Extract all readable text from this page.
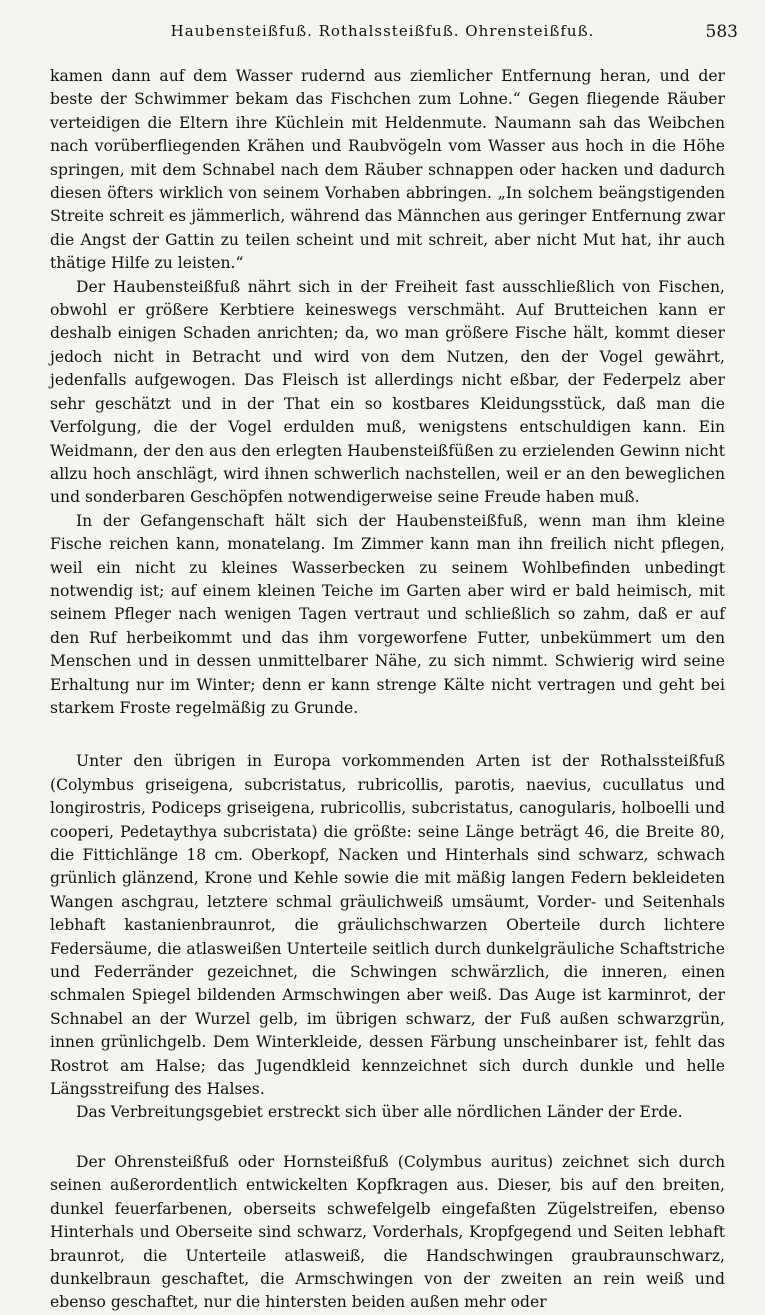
Haubensteißfuß. Rothalssteißfuß. Ohrensteißfuß.	583

kamen dann auf dem Wasser rudernd aus ziemlicher Entfernung heran, und der beste der Schwimmer bekam das Fischchen zum Lohne.“ Gegen fliegende Räuber verteidigen die Eltern ihre Küchlein mit Heldenmute. Naumann sah das Weibchen nach vorüberfliegenden Krähen und Raubvögeln vom Wasser aus hoch in die Höhe springen, mit dem Schnabel nach dem Räuber schnappen oder hacken und dadurch diesen öfters wirklich von seinem Vorhaben abbringen. „In solchem beängstigenden Streite schreit es jämmerlich, während das Männchen aus geringer Entfernung zwar die Angst der Gattin zu teilen scheint und mit schreit, aber nicht Mut hat, ihr auch thätige Hilfe zu leisten.“

Der Haubensteißfuß nährt sich in der Freiheit fast ausschließlich von Fischen, obwohl er größere Kerbtiere keineswegs verschmäht. Auf Brutteichen kann er deshalb einigen Schaden anrichten; da, wo man größere Fische hält, kommt dieser jedoch nicht in Betracht und wird von dem Nutzen, den der Vogel gewährt, jedenfalls aufgewogen. Das Fleisch ist allerdings nicht eßbar, der Federpelz aber sehr geschätzt und in der That ein so kostbares Kleidungsstück, daß man die Verfolgung, die der Vogel erdulden muß, wenigstens entschuldigen kann. Ein Weidmann, der den aus den erlegten Haubensteißfüßen zu erzielenden Gewinn nicht allzu hoch anschlägt, wird ihnen schwerlich nachstellen, weil er an den beweglichen und sonderbaren Geschöpfen notwendigerweise seine Freude haben muß.

In der Gefangenschaft hält sich der Haubensteißfuß, wenn man ihm kleine Fische reichen kann, monatelang. Im Zimmer kann man ihn freilich nicht pflegen, weil ein nicht zu kleines Wasserbecken zu seinem Wohlbefinden unbedingt notwendig ist; auf einem kleinen Teiche im Garten aber wird er bald heimisch, mit seinem Pfleger nach wenigen Tagen vertraut und schließlich so zahm, daß er auf den Ruf herbeikommt und das ihm vorgeworfene Futter, unbekümmert um den Menschen und in dessen unmittelbarer Nähe, zu sich nimmt. Schwierig wird seine Erhaltung nur im Winter; denn er kann strenge Kälte nicht vertragen und geht bei starkem Froste regelmäßig zu Grunde.

Unter den übrigen in Europa vorkommenden Arten ist der Rothalssteißfuß (Colymbus griseigena, subcristatus, rubricollis, parotis, naevius, cucullatus und longirostris, Podiceps griseigena, rubricollis, subcristatus, canogularis, holboelli und cooperi, Pedetaythya subcristata) die größte: seine Länge beträgt 46, die Breite 80, die Fittichlänge 18 cm. Oberkopf, Nacken und Hinterhals sind schwarz, schwach grünlich glänzend, Krone und Kehle sowie die mit mäßig langen Federn bekleideten Wangen aschgrau, letztere schmal gräulichweiß umsäumt, Vorder- und Seitenhals lebhaft kastanienbraunrot, die gräulichschwarzen Oberteile durch lichtere Federsäume, die atlasweißen Unterteile seitlich durch dunkelgräuliche Schaftstriche und Federränder gezeichnet, die Schwingen schwärzlich, die inneren, einen schmalen Spiegel bildenden Armschwingen aber weiß. Das Auge ist karminrot, der Schnabel an der Wurzel gelb, im übrigen schwarz, der Fuß außen schwarzgrün, innen grünlichgelb. Dem Winterkleide, dessen Färbung unscheinbarer ist, fehlt das Rostrot am Halse; das Jugendkleid kennzeichnet sich durch dunkle und helle Längsstreifung des Halses.

Das Verbreitungsgebiet erstreckt sich über alle nördlichen Länder der Erde.

Der Ohrensteißfuß oder Hornsteißfuß (Colymbus auritus) zeichnet sich durch seinen außerordentlich entwickelten Kopfkragen aus. Dieser, bis auf den breiten, dunkel feuerfarbenen, oberseits schwefelgelb eingefaßten Zügelstreifen, ebenso Hinterhals und Oberseite sind schwarz, Vorderhals, Kropfgegend und Seiten lebhaft braunrot, die Unterteile atlasweiß, die Handschwingen graubraunschwarz, dunkelbraun geschaftet, die Armschwingen von der zweiten an rein weiß und ebenso geschaftet, nur die hintersten beiden außen mehr oder
